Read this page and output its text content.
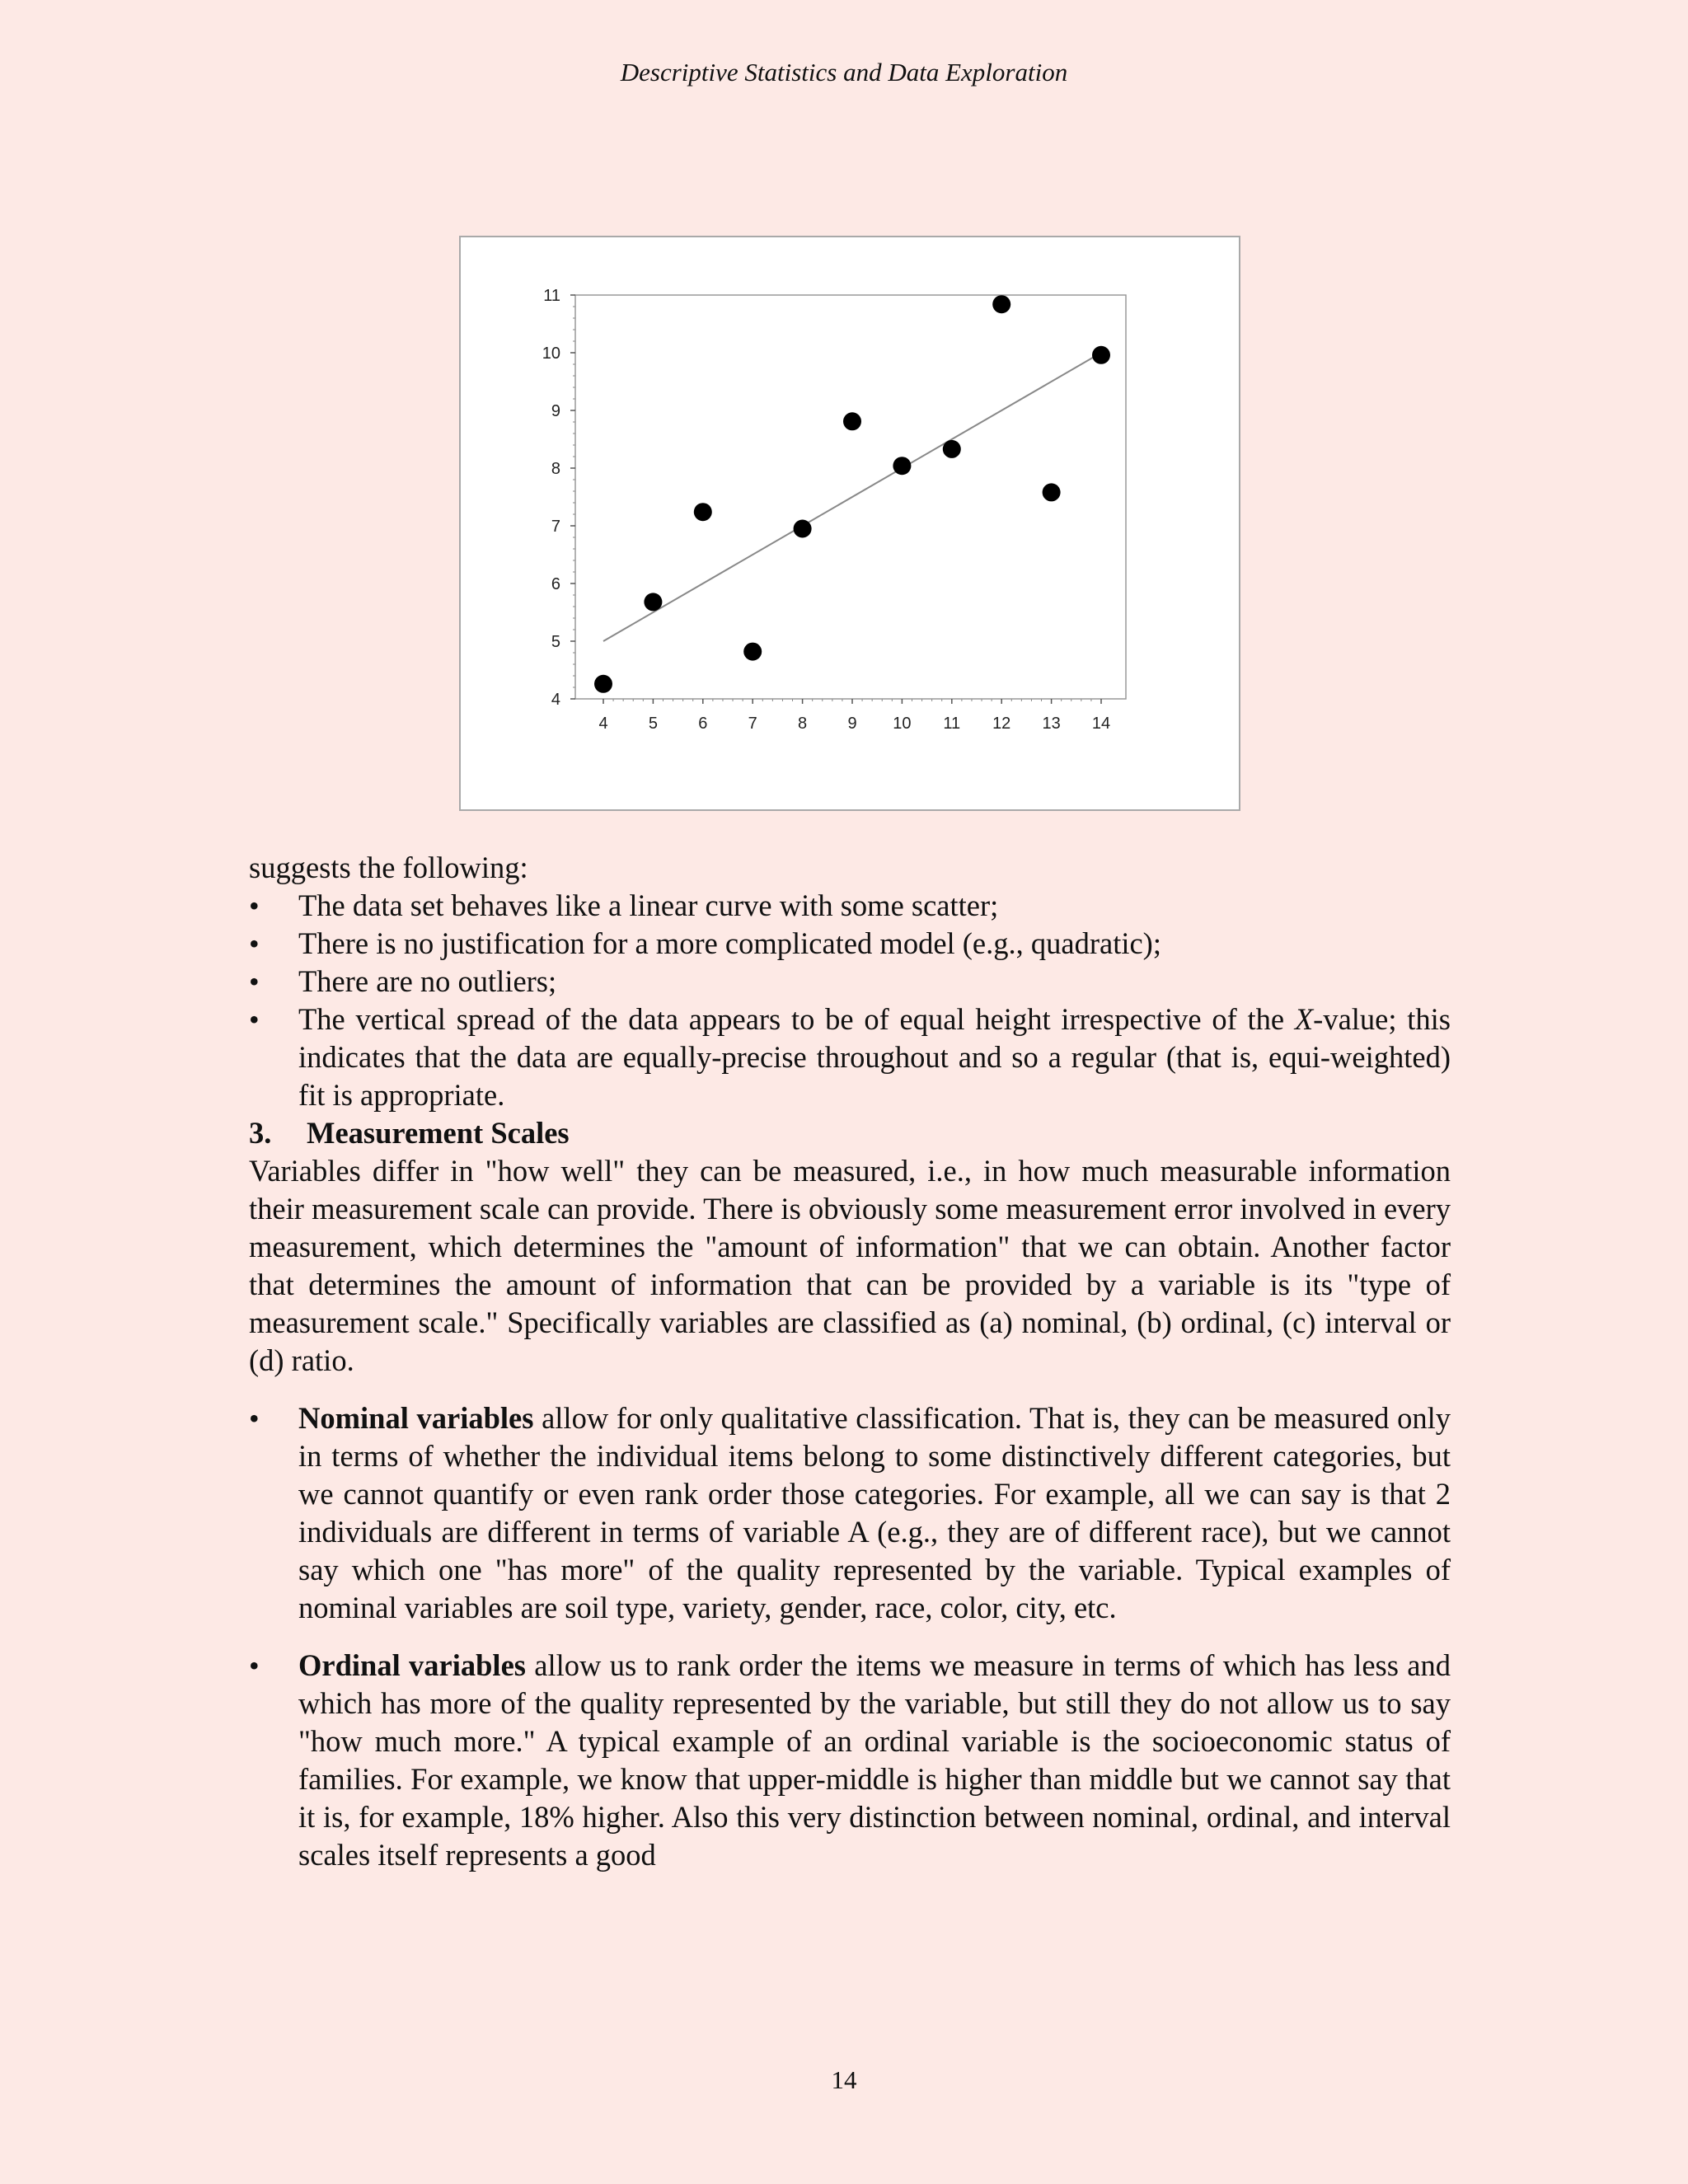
Descriptive Statistics and Data Exploration
4
5
6
7
8
9
10
11
4 5 6 7 8 9 10 11 12 13 14

suggests the following:

• The data set behaves like a linear curve with some scatter;
• There is no justification for a more complicated model (e.g., quadratic);
• There are no outliers;
• The vertical spread of the data appears to be of equal height irrespective of the X-value; this indicates that the data are equally-precise throughout and so a regular (that is, equi-weighted) fit is appropriate.

3. Measurement Scales

Variables differ in "how well" they can be measured, i.e., in how much measurable information their measurement scale can provide. There is obviously some measurement error involved in every measurement, which determines the "amount of information" that we can obtain. Another factor that determines the amount of information that can be provided by a variable is its "type of measurement scale." Specifically variables are classified as (a) nominal, (b) ordinal, (c) interval or (d) ratio.

• Nominal variables allow for only qualitative classification. That is, they can be measured only in terms of whether the individual items belong to some distinctively different categories, but we cannot quantify or even rank order those categories. For example, all we can say is that 2 individuals are different in terms of variable A (e.g., they are of different race), but we cannot say which one "has more" of the quality represented by the variable. Typical examples of nominal variables are soil type, variety, gender, race, color, city, etc.
• Ordinal variables allow us to rank order the items we measure in terms of which has less and which has more of the quality represented by the variable, but still they do not allow us to say "how much more." A typical example of an ordinal variable is the socioeconomic status of families. For example, we know that upper-middle is higher than middle but we cannot say that it is, for example, 18% higher. Also this very distinction between nominal, ordinal, and interval scales itself represents a good
14
